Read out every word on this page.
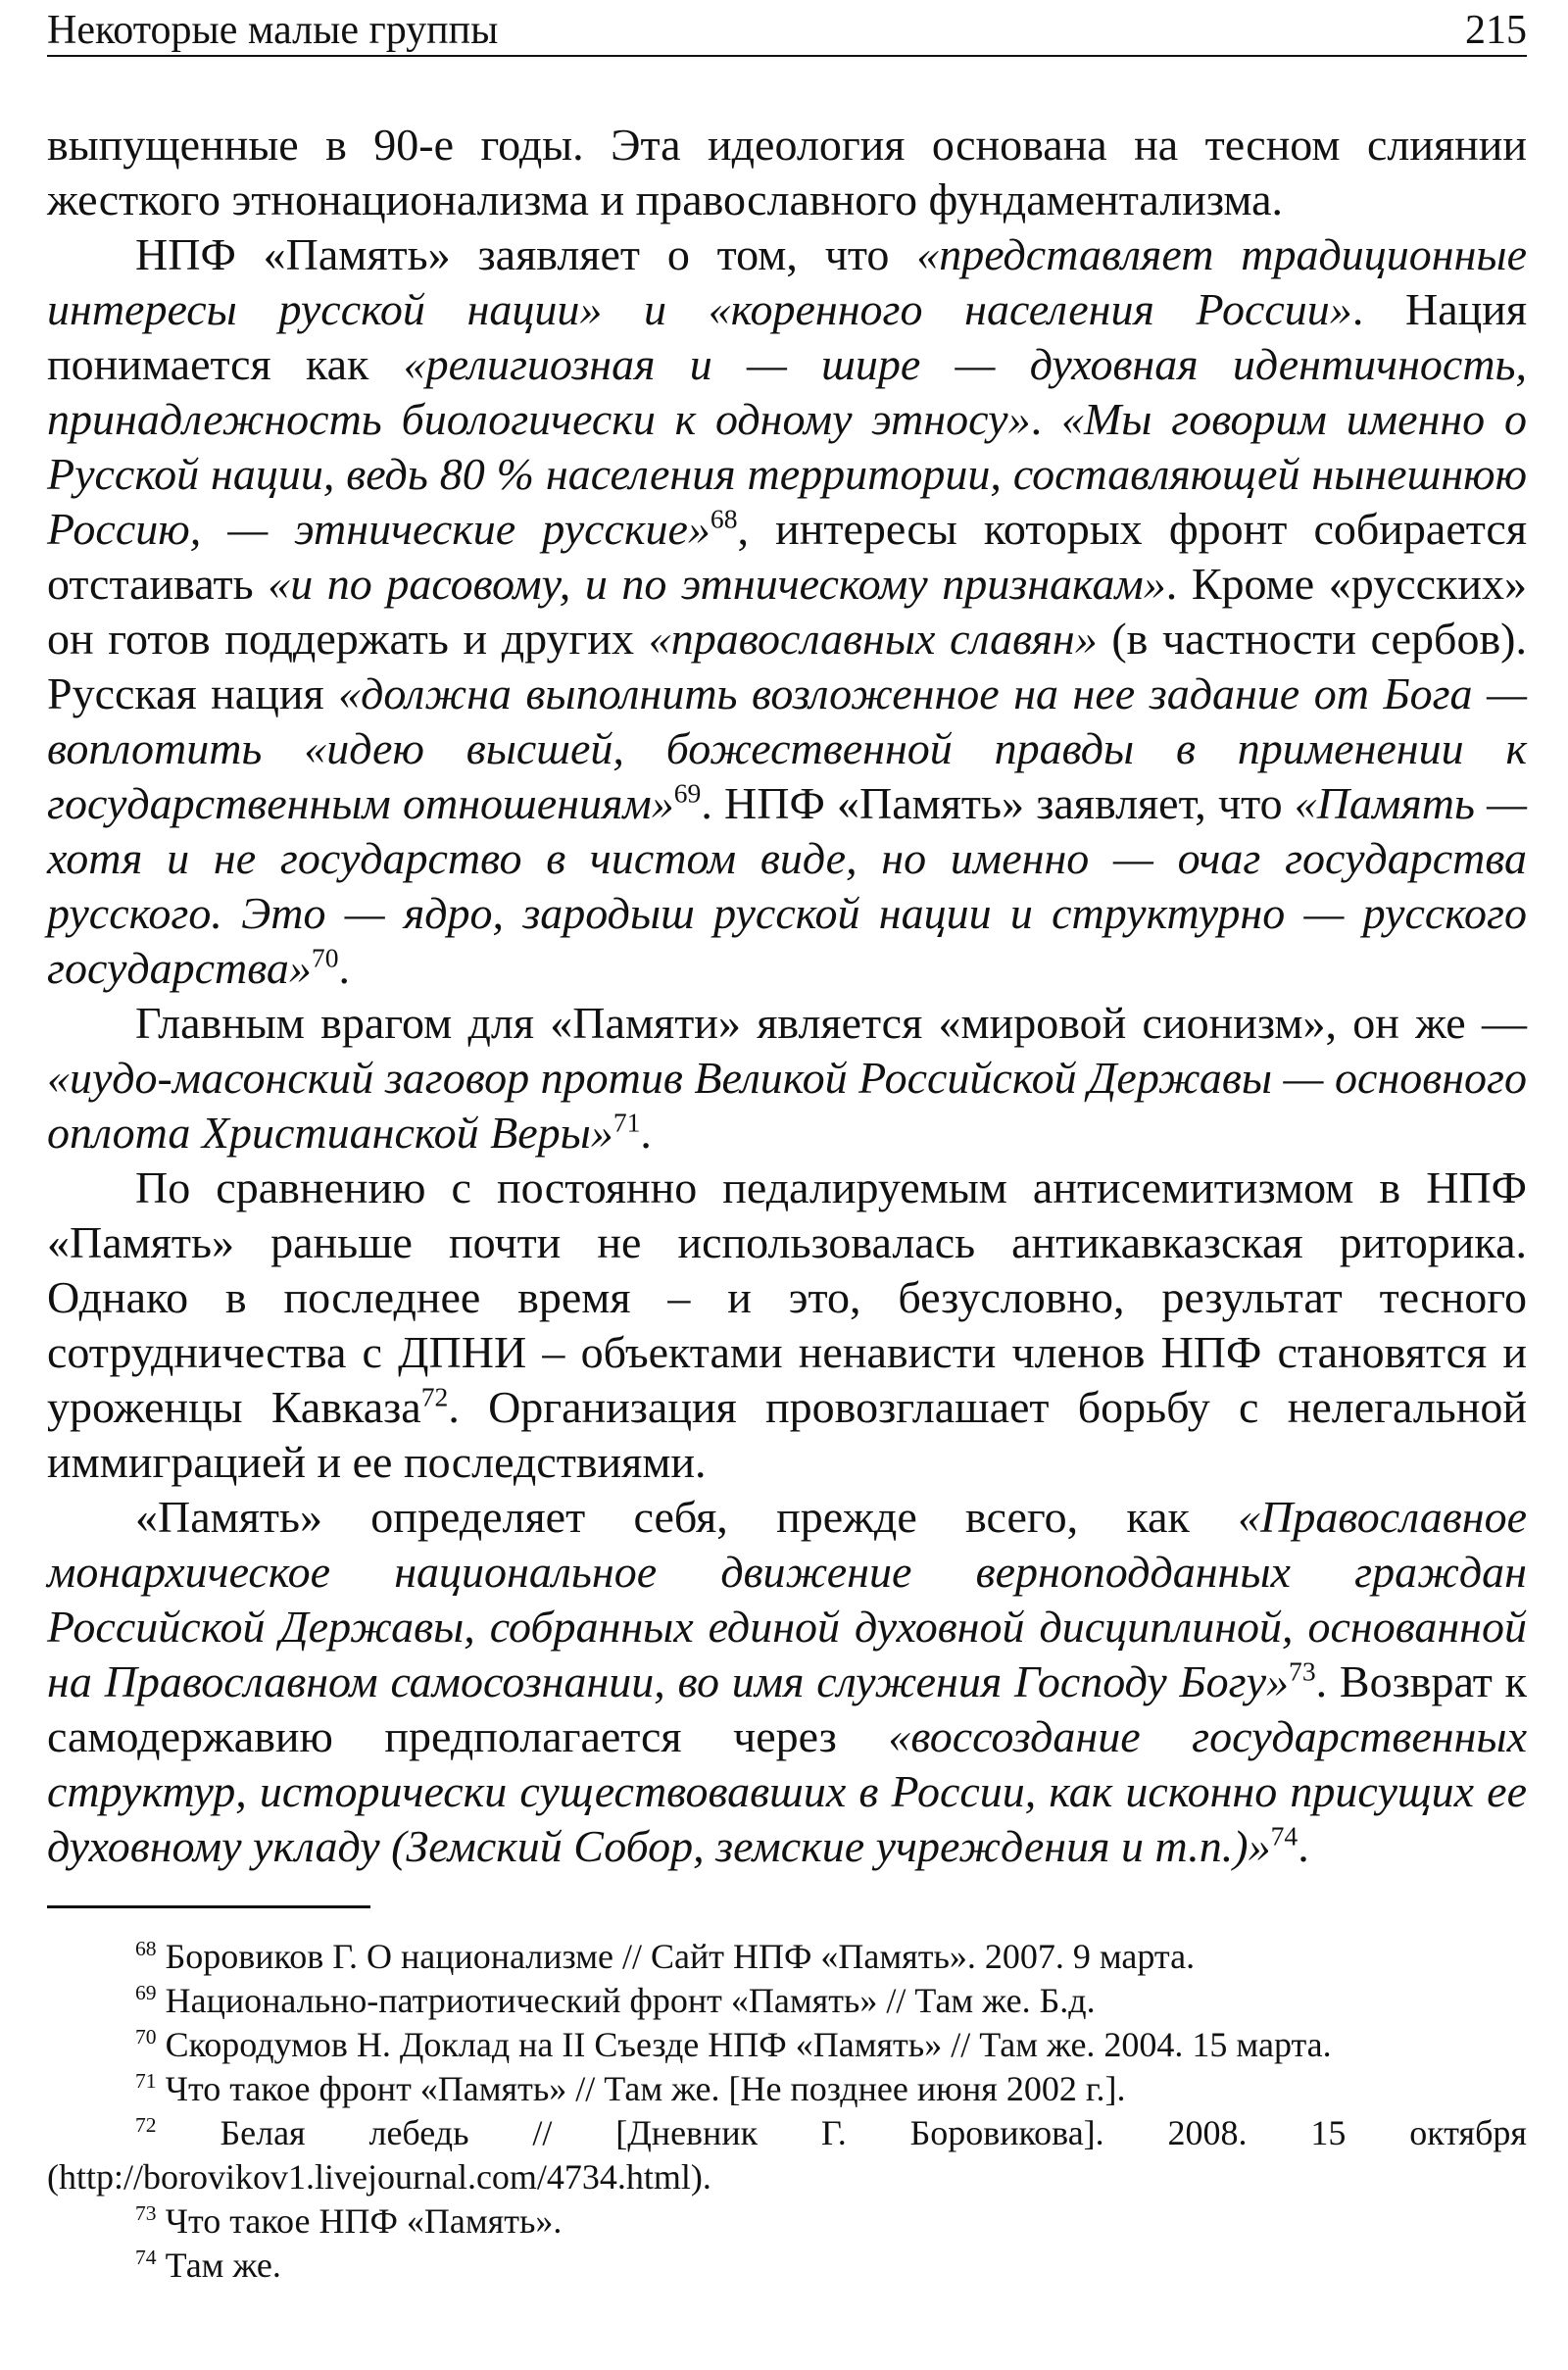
Некоторые малые группы	215

выпущенные в 90-е годы. Эта идеология основана на тесном слиянии жесткого этнонационализма и православного фундаментализма.

НПФ «Память» заявляет о том, что «представляет традиционные интересы русской нации» и «коренного населения России». Нация понимается как «религиозная и — шире — духовная идентичность, принадлежность биологически к одному этносу». «Мы говорим именно о Русской нации, ведь 80 % населения территории, составляющей нынешнюю Россию, — этнические русские»$^{68}$, интересы которых фронт собирается отстаивать «и по расовому, и по этническому признакам». Кроме «русских» он готов поддержать и других «православных славян» (в частности сербов). Русская нация «должна выполнить возложенное на нее задание от Бога — воплотить «идею высшей, божественной правды в применении к государственным отношениям»$^{69}$. НПФ «Память» заявляет, что «Память — хотя и не государство в чистом виде, но именно — очаг государства русского. Это — ядро, зародыш русской нации и структурно — русского государства»$^{70}$.

Главным врагом для «Памяти» является «мировой сионизм», он же — «иудо-масонский заговор против Великой Российской Державы — основного оплота Христианской Веры»$^{71}$.

По сравнению с постоянно педалируемым антисемитизмом в НПФ «Память» раньше почти не использовалась антикавказская риторика. Однако в последнее время – и это, безусловно, результат тесного сотрудничества с ДПНИ – объектами ненависти членов НПФ становятся и уроженцы Кавказа$^{72}$. Организация провозглашает борьбу с нелегальной иммиграцией и ее последствиями.

«Память» определяет себя, прежде всего, как «Православное монархическое национальное движение верноподданных граждан Российской Державы, собранных единой духовной дисциплиной, основанной на Православном самосознании, во имя служения Господу Богу»$^{73}$. Возврат к самодержавию предполагается через «воссоздание государственных структур, исторически существовавших в России, как исконно присущих ее духовному укладу (Земский Собор, земские учреждения и т.п.)»$^{74}$.

$^{68}$ Боровиков Г. О национализме // Сайт НПФ «Память». 2007. 9 марта.

$^{69}$ Национально-патриотический фронт «Память» // Там же. Б.д.

$^{70}$ Скородумов Н. Доклад на II Съезде НПФ «Память» // Там же. 2004. 15 марта.

$^{71}$ Что такое фронт «Память» // Там же. [Не позднее июня 2002 г.].

$^{72}$ Белая лебедь // [Дневник Г. Боровикова]. 2008. 15 октября (http://borovikov1.livejournal.com/4734.html).

$^{73}$ Что такое НПФ «Память».

$^{74}$ Там же.
